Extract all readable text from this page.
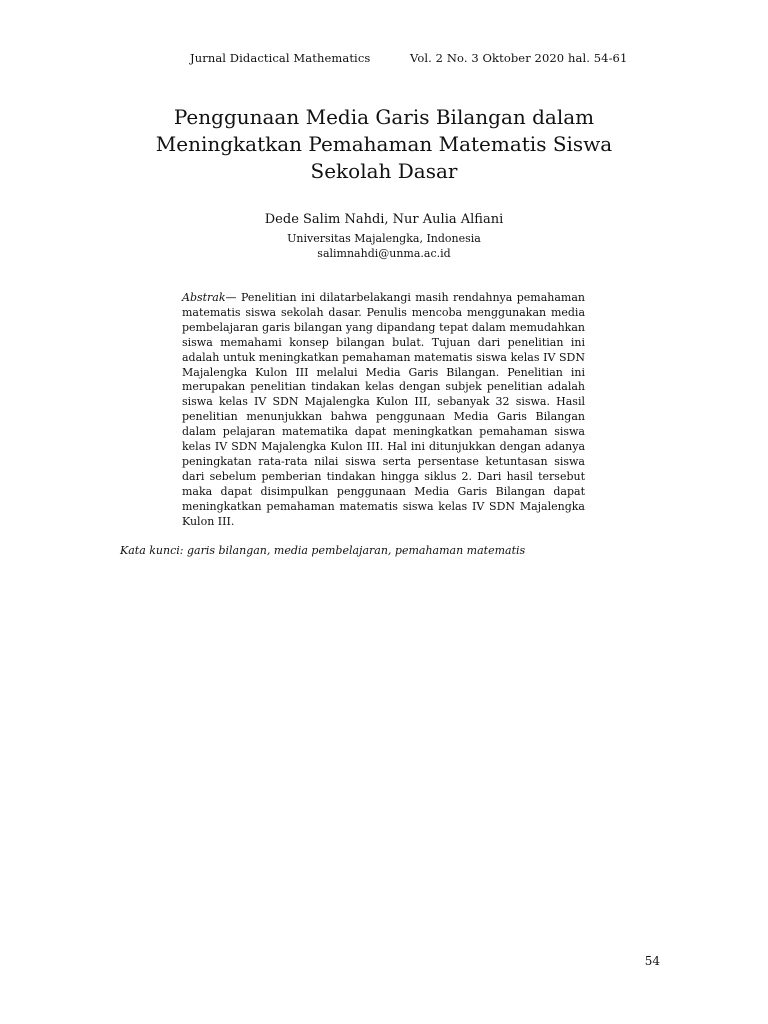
Jurnal Didactical Mathematics	Vol. 2 No. 3 Oktober 2020 hal. 54-61
Penggunaan Media Garis Bilangan dalam
Meningkatkan Pemahaman Matematis Siswa
Sekolah Dasar
Dede Salim Nahdi, Nur Aulia Alfiani
Universitas Majalengka, Indonesia
salimnahdi@unma.ac.id
Abstrak— Penelitian ini dilatarbelakangi masih rendahnya pemahaman matematis siswa sekolah dasar. Penulis mencoba menggunakan media pembelajaran garis bilangan yang dipandang tepat dalam memudahkan siswa memahami konsep bilangan bulat. Tujuan dari penelitian ini adalah untuk meningkatkan pemahaman matematis siswa kelas IV SDN Majalengka Kulon III melalui Media Garis Bilangan. Penelitian ini merupakan penelitian tindakan kelas dengan subjek penelitian adalah siswa kelas IV SDN Majalengka Kulon III, sebanyak 32 siswa. Hasil penelitian menunjukkan bahwa penggunaan Media Garis Bilangan dalam pelajaran matematika dapat meningkatkan pemahaman siswa kelas IV SDN Majalengka Kulon III. Hal ini ditunjukkan dengan adanya peningkatan rata-rata nilai siswa serta persentase ketuntasan siswa dari sebelum pemberian tindakan hingga siklus 2. Dari hasil tersebut maka dapat disimpulkan penggunaan Media Garis Bilangan dapat meningkatkan pemahaman matematis siswa kelas IV SDN Majalengka Kulon III.
Kata kunci: garis bilangan, media pembelajaran, pemahaman matematis
54
